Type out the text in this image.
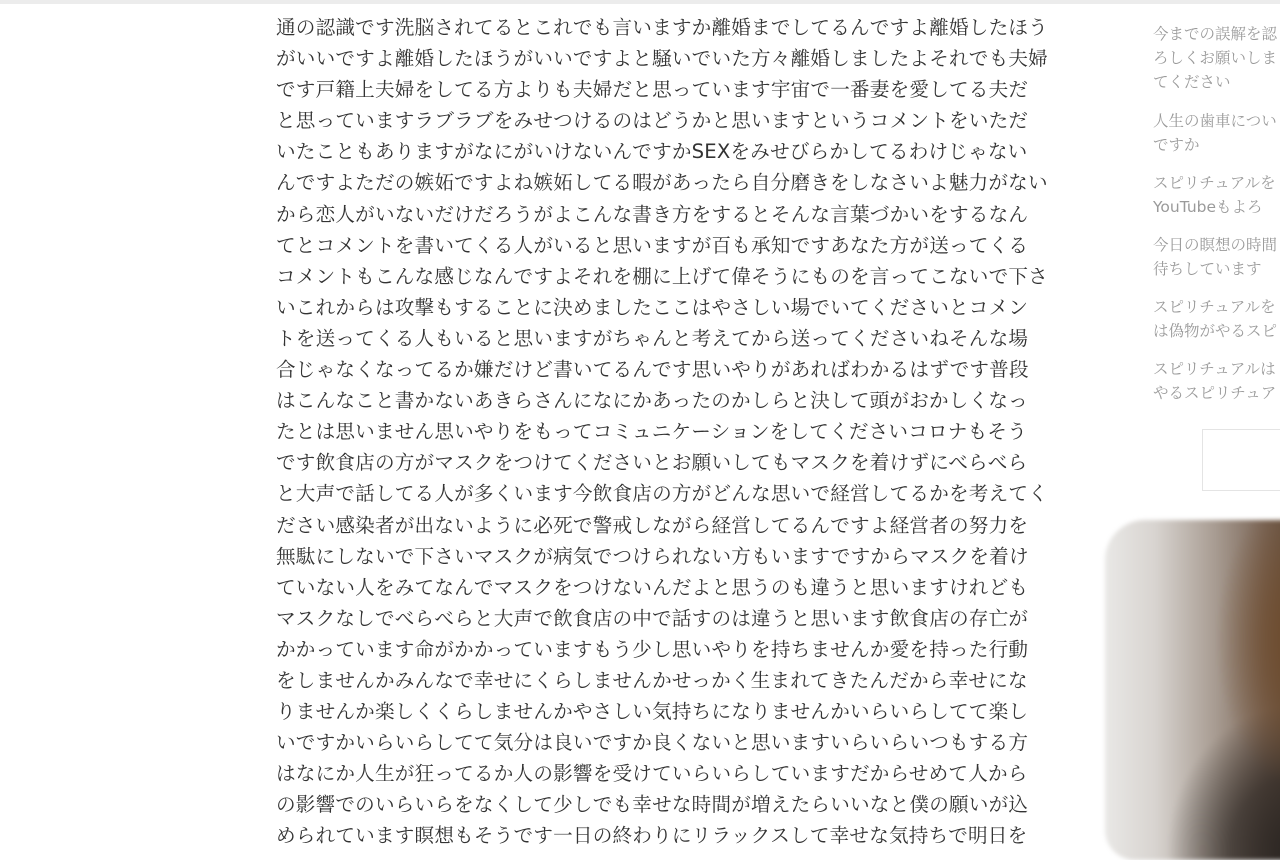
通の認識です洗脳されてるとこれでも言いますか離婚までしてるんですよ離婚したほう
がいいですよ離婚したほうがいいですよと騒いでいた方々離婚しましたよそれでも夫婦
です戸籍上夫婦をしてる方よりも夫婦だと思っています宇宙で一番妻を愛してる夫だ
と思っていますラブラブをみせつけるのはどうかと思いますというコメントをいただ
いたこともありますがなにがいけないんですかSEXをみせびらかしてるわけじゃない
んですよただの嫉妬ですよね嫉妬してる暇があったら自分磨きをしなさいよ魅力がない
から恋人がいないだけだろうがよこんな書き方をするとそんな言葉づかいをするなん
てとコメントを書いてくる人がいると思いますが百も承知ですあなた方が送ってくる
コメントもこんな感じなんですよそれを棚に上げて偉そうにものを言ってこないで下さ
いこれからは攻撃もすることに決めましたここはやさしい場でいてくださいとコメン
トを送ってくる人もいると思いますがちゃんと考えてから送ってくださいねそんな場
合じゃなくなってるか嫌だけど書いてるんです思いやりがあればわかるはずです普段
はこんなこと書かないあきらさんになにかあったのかしらと決して頭がおかしくなっ
たとは思いません思いやりをもってコミュニケーションをしてくださいコロナもそう
です飲食店の方がマスクをつけてくださいとお願いしてもマスクを着けずにべらべら
と大声で話してる人が多くいます今飲食店の方がどんな思いで経営してるかを考えてく
ださい感染者が出ないように必死で警戒しながら経営してるんですよ経営者の努力を
無駄にしないで下さいマスクが病気でつけられない方もいますですからマスクを着け
ていない人をみてなんでマスクをつけないんだよと思うのも違うと思いますけれども
マスクなしでべらべらと大声で飲食店の中で話すのは違うと思います飲食店の存亡が
かかっています命がかかっていますもう少し思いやりを持ちませんか愛を持った行動
をしませんかみんなで幸せにくらしませんかせっかく生まれてきたんだから幸せにな
りませんか楽しくくらしませんかやさしい気持ちになりませんかいらいらしてて楽し
いですかいらいらしてて気分は良いですか良くないと思いますいらいらいつもする方
はなにか人生が狂ってるか人の影響を受けていらいらしていますだからせめて人から
の影響でのいらいらをなくして少しでも幸せな時間が増えたらいいなと僕の願いが込
められています瞑想もそうです一日の終わりにリラックスして幸せな気持ちで明日を
今までの誤解を認
ろしくお願いしま
てください
人生の歯車につい
ですか
スピリチュアルを
YouTubeもよろ
今日の瞑想の時間
待ちしています
スピリチュアルを
は偽物がやるスピ
スピリチュアルは
やるスピリチュア
